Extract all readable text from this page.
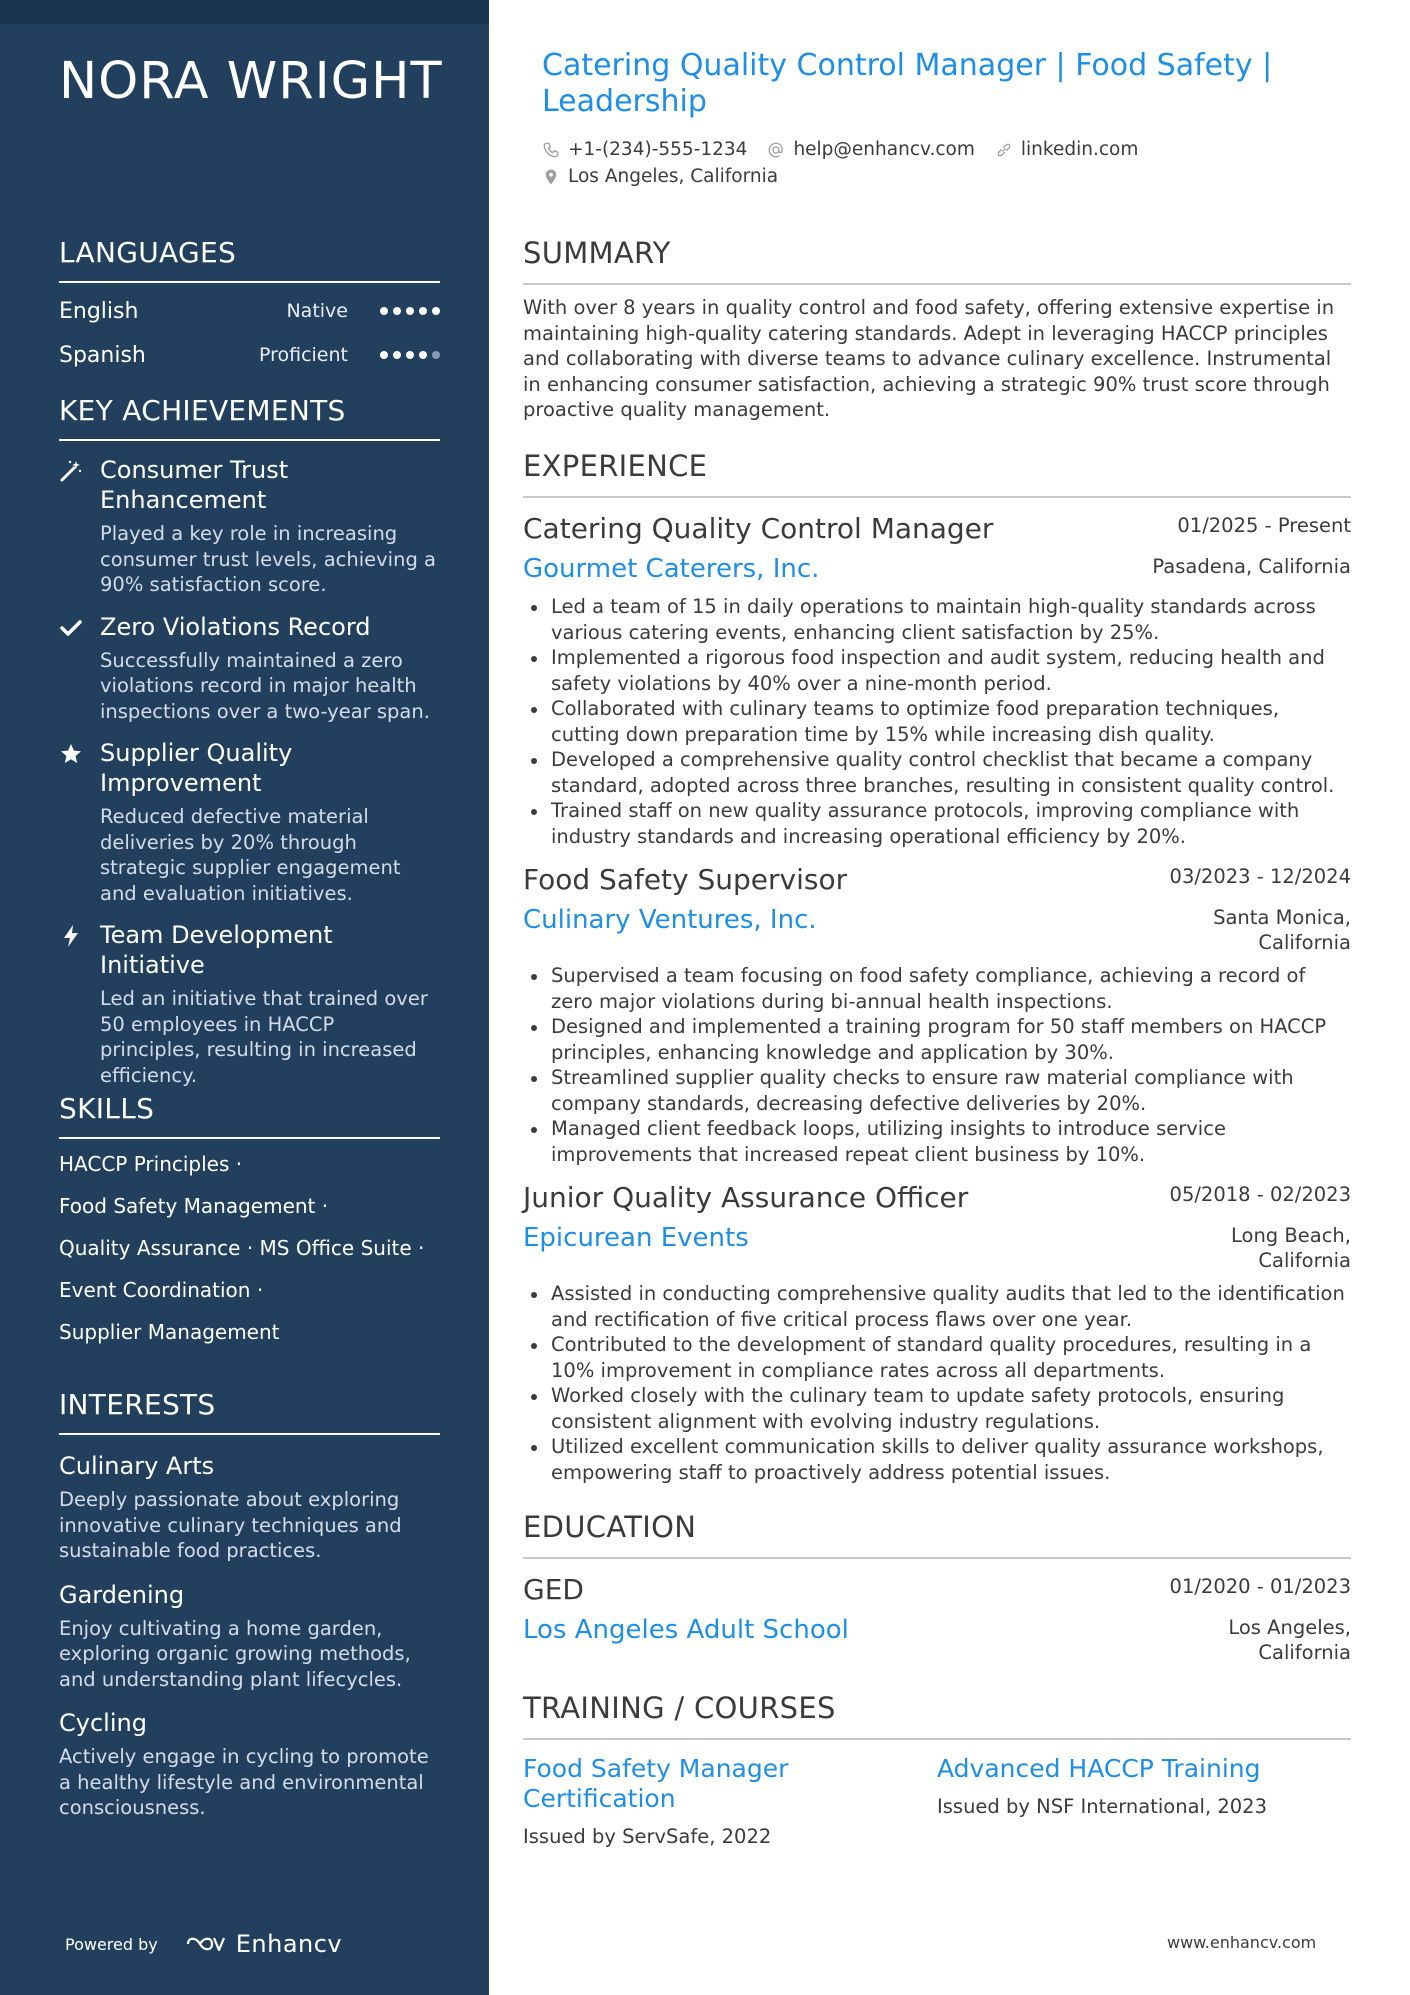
NORA WRIGHT
LANGUAGES
English	Native
Spanish	Proficient
KEY ACHIEVEMENTS
Consumer Trust Enhancement
Played a key role in increasing consumer trust levels, achieving a 90% satisfaction score.
Zero Violations Record
Successfully maintained a zero violations record in major health inspections over a two-year span.
Supplier Quality Improvement
Reduced defective material deliveries by 20% through strategic supplier engagement and evaluation initiatives.
Team Development Initiative
Led an initiative that trained over 50 employees in HACCP principles, resulting in increased efficiency.
SKILLS
HACCP Principles ·
Food Safety Management ·
Quality Assurance · MS Office Suite ·
Event Coordination ·
Supplier Management
INTERESTS
Culinary Arts
Deeply passionate about exploring innovative culinary techniques and sustainable food practices.
Gardening
Enjoy cultivating a home garden, exploring organic growing methods, and understanding plant lifecycles.
Cycling
Actively engage in cycling to promote a healthy lifestyle and environmental consciousness.
Powered by	Enhancv
Catering Quality Control Manager | Food Safety | Leadership
+1-(234)-555-1234 help@enhancv.com linkedin.com
Los Angeles, California
SUMMARY
With over 8 years in quality control and food safety, offering extensive expertise in maintaining high-quality catering standards. Adept in leveraging HACCP principles and collaborating with diverse teams to advance culinary excellence. Instrumental in enhancing consumer satisfaction, achieving a strategic 90% trust score through proactive quality management.
EXPERIENCE
Catering Quality Control Manager	01/2025 - Present
Gourmet Caterers, Inc.	Pasadena, California
Led a team of 15 in daily operations to maintain high-quality standards across various catering events, enhancing client satisfaction by 25%.
Implemented a rigorous food inspection and audit system, reducing health and safety violations by 40% over a nine-month period.
Collaborated with culinary teams to optimize food preparation techniques, cutting down preparation time by 15% while increasing dish quality.
Developed a comprehensive quality control checklist that became a company standard, adopted across three branches, resulting in consistent quality control.
Trained staff on new quality assurance protocols, improving compliance with industry standards and increasing operational efficiency by 20%.
Food Safety Supervisor	03/2023 - 12/2024
Culinary Ventures, Inc.	Santa Monica, California
Supervised a team focusing on food safety compliance, achieving a record of zero major violations during bi-annual health inspections.
Designed and implemented a training program for 50 staff members on HACCP principles, enhancing knowledge and application by 30%.
Streamlined supplier quality checks to ensure raw material compliance with company standards, decreasing defective deliveries by 20%.
Managed client feedback loops, utilizing insights to introduce service improvements that increased repeat client business by 10%.
Junior Quality Assurance Officer	05/2018 - 02/2023
Epicurean Events	Long Beach, California
Assisted in conducting comprehensive quality audits that led to the identification and rectification of five critical process flaws over one year.
Contributed to the development of standard quality procedures, resulting in a 10% improvement in compliance rates across all departments.
Worked closely with the culinary team to update safety protocols, ensuring consistent alignment with evolving industry regulations.
Utilized excellent communication skills to deliver quality assurance workshops, empowering staff to proactively address potential issues.
EDUCATION
GED	01/2020 - 01/2023
Los Angeles Adult School	Los Angeles, California
TRAINING / COURSES
Food Safety Manager Certification
Issued by ServSafe, 2022
Advanced HACCP Training
Issued by NSF International, 2023
www.enhancv.com
